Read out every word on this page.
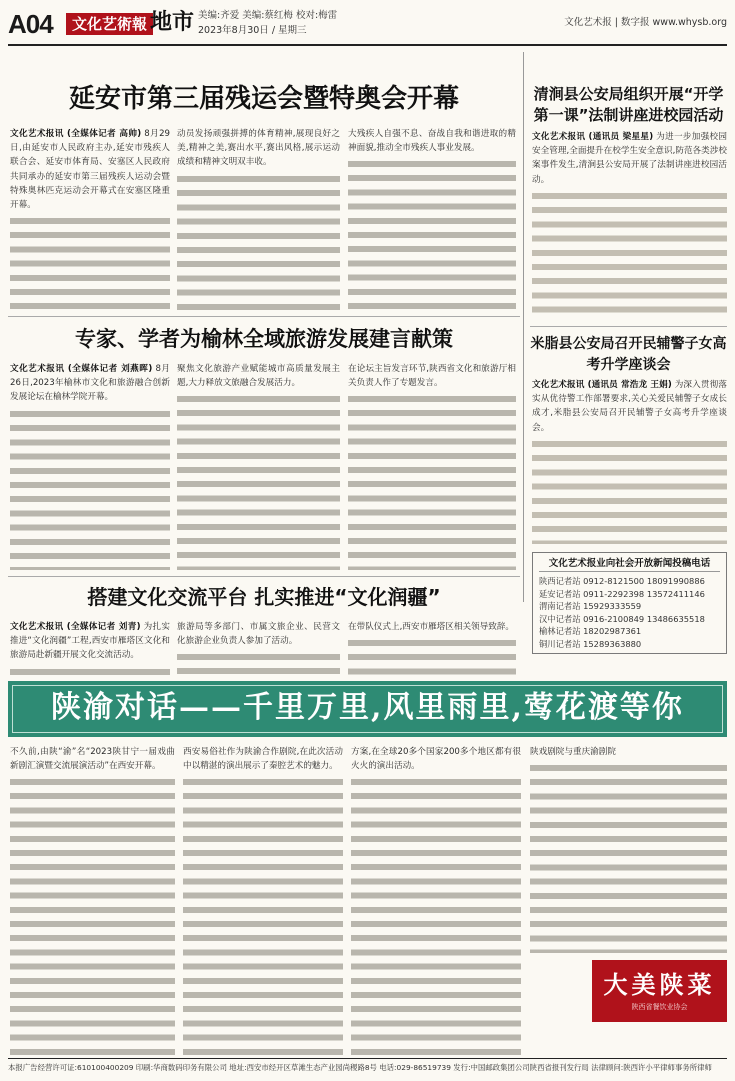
A04	文化艺術報 地市 美编:齐爱 美编:蔡红梅 校对:梅雷
2023年8月30日 / 星期三
文化艺术报 | 数字报 www.whysb.org
延安市第三届残运会暨特奥会开幕
文化艺术报讯 (全媒体记者 高帅) 8月29日,由延安市人民政府主办,延安市残疾人联合会、延安市体育局、安塞区人民政府共同承办的延安市第三届残疾人运动会暨特殊奥林匹克运动会开幕式在安塞区隆重开幕。
动员发扬顽强拼搏的体育精神,展现良好之美,精神之美,赛出水平,赛出风格,展示运动成绩和精神文明双丰收。
大残疾人自强不息、奋战自我和谐进取的精神面貌,推动全市残疾人事业发展。
专家、学者为榆林全域旅游发展建言献策
文化艺术报讯 (全媒体记者 刘燕晖) 8月26日,2023年榆林市文化和旅游融合创新发展论坛在榆林学院开幕。
聚焦文化旅游产业赋能城市高质量发展主题,大力释放文旅融合发展活力。
在论坛主旨发言环节,陕西省文化和旅游厅相关负责人作了专题发言。
搭建文化交流平台 扎实推进“文化润疆”
文化艺术报讯 (全媒体记者 刘青) 为扎实推进“文化润疆”工程,西安市雁塔区文化和旅游局赴新疆开展文化交流活动。
旅游局等多部门、市属文旅企业、民营文化旅游企业负责人参加了活动。
在带队仪式上,西安市雁塔区相关领导致辞。
清涧县公安局组织开展“开学第一课”法制讲座进校园活动
文化艺术报讯 (通讯员 梁星星) 为进一步加强校园安全管理,全面提升在校学生安全意识,防范各类涉校案事件发生,清涧县公安局开展了法制讲座进校园活动。
米脂县公安局召开民辅警子女高考升学座谈会
文化艺术报讯 (通讯员 常浩龙 王娟) 为深入贯彻落实从优待警工作部署要求,关心关爱民辅警子女成长成才,米脂县公安局召开民辅警子女高考升学座谈会。
文化艺术报业向社会开放新闻投稿电话
陕西记者站 0912-8121500 18091990886
延安记者站 0911-2292398 13572411146
渭南记者站 15929333559
汉中记者站 0916-2100849 13486635518
榆林记者站 18202987361
铜川记者站 15289363880
陕渝对话——千里万里,风里雨里,莺花渡等你
不久前,由陕“渝”名“2023陕甘宁一届戏曲新剧汇演暨交流展演活动”在西安开幕。
西安易俗社作为陕渝合作剧院,在此次活动中以精湛的演出展示了秦腔艺术的魅力。
方案,在全球20多个国家200多个地区都有很火火的演出活动。
陕戏剧院与重庆渝剧院
大美陕菜
陕西省餐饮业协会
本报广告经营许可证:610100400209 印刷:华商数码印务有限公司 地址:西安市经开区草滩生态产业园尚稷路8号 电话:029-86519739 发行:中国邮政集团公司陕西省报刊发行局 法律顾问:陕西许小平律师事务所律师
